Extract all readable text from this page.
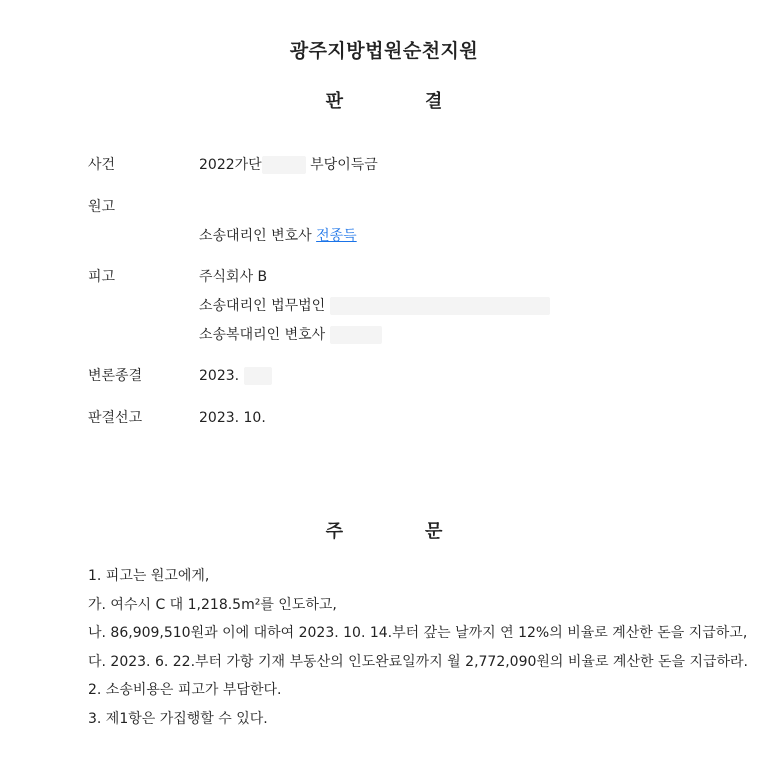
광주지방법원순천지원
판	결
사건	2022가단	부당이득금
원고
소송대리인 변호사 전종득
피고	주식회사 B
소송대리인 법무법인
소송복대리인 변호사
변론종결	2023.
판결선고	2023. 10.
주	문
1. 피고는 원고에게,
가. 여수시 C 대 1,218.5m²를 인도하고,
나. 86,909,510원과 이에 대하여 2023. 10. 14.부터 갚는 날까지 연 12%의 비율로 계산한 돈을 지급하고,
다. 2023. 6. 22.부터 가항 기재 부동산의 인도완료일까지 월 2,772,090원의 비율로 계산한 돈을 지급하라.
2. 소송비용은 피고가 부담한다.
3. 제1항은 가집행할 수 있다.
